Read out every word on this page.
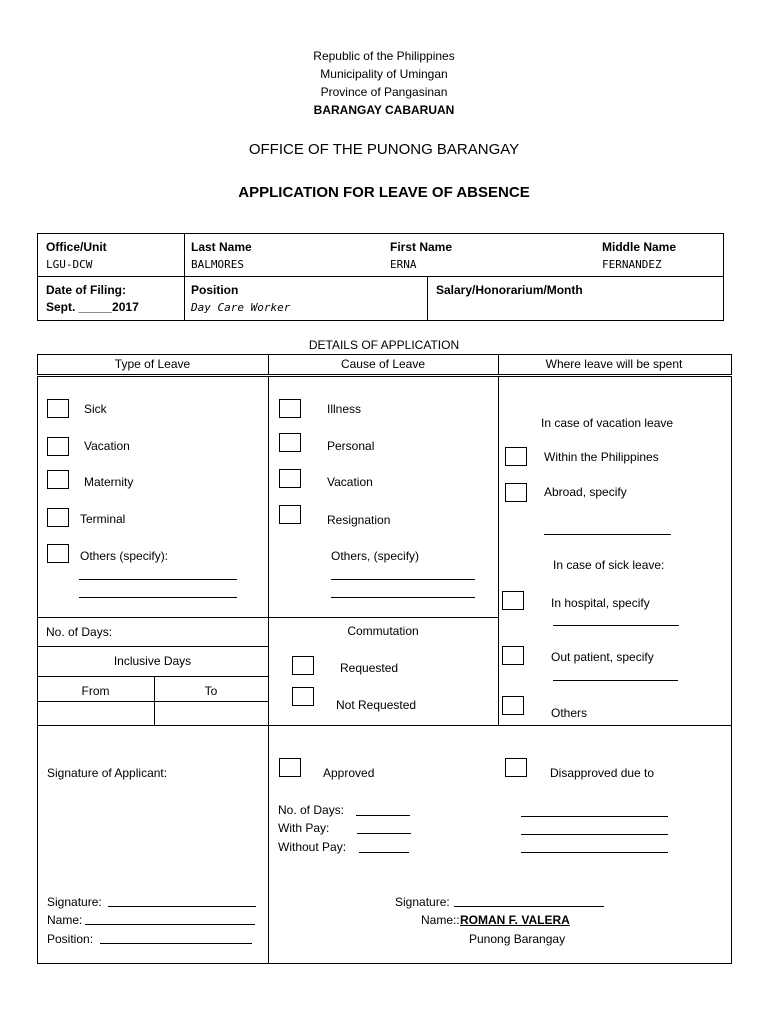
Republic of the Philippines
Municipality of Umingan
Province of Pangasinan
BARANGAY CABARUAN
OFFICE OF THE PUNONG BARANGAY
APPLICATION FOR LEAVE OF ABSENCE
Office/Unit
LGU-DCW
Last Name
BALMORES
First Name
ERNA
Middle Name
FERNANDEZ
Date of Filing:
Sept. _____2017
Position
Day Care Worker
Salary/Honorarium/Month
DETAILS OF APPLICATION
Type of Leave	Cause of Leave	Where leave will be spent
Sick
Vacation
Maternity
Terminal
Others (specify):
Illness
Personal
Vacation
Resignation
Others, (specify)
In case of vacation leave
Within the Philippines
Abroad, specify
In case of sick leave:
In hospital, specify
Out patient, specify
Others
No. of Days:
Inclusive Days
From	To
Commutation
Requested
Not Requested
Signature of Applicant:	Approved	Disapproved due to
No. of Days:
With Pay:
Without Pay:
Signature:
Name:
Position:
Signature:
Name:: ROMAN F. VALERA
Punong Barangay
